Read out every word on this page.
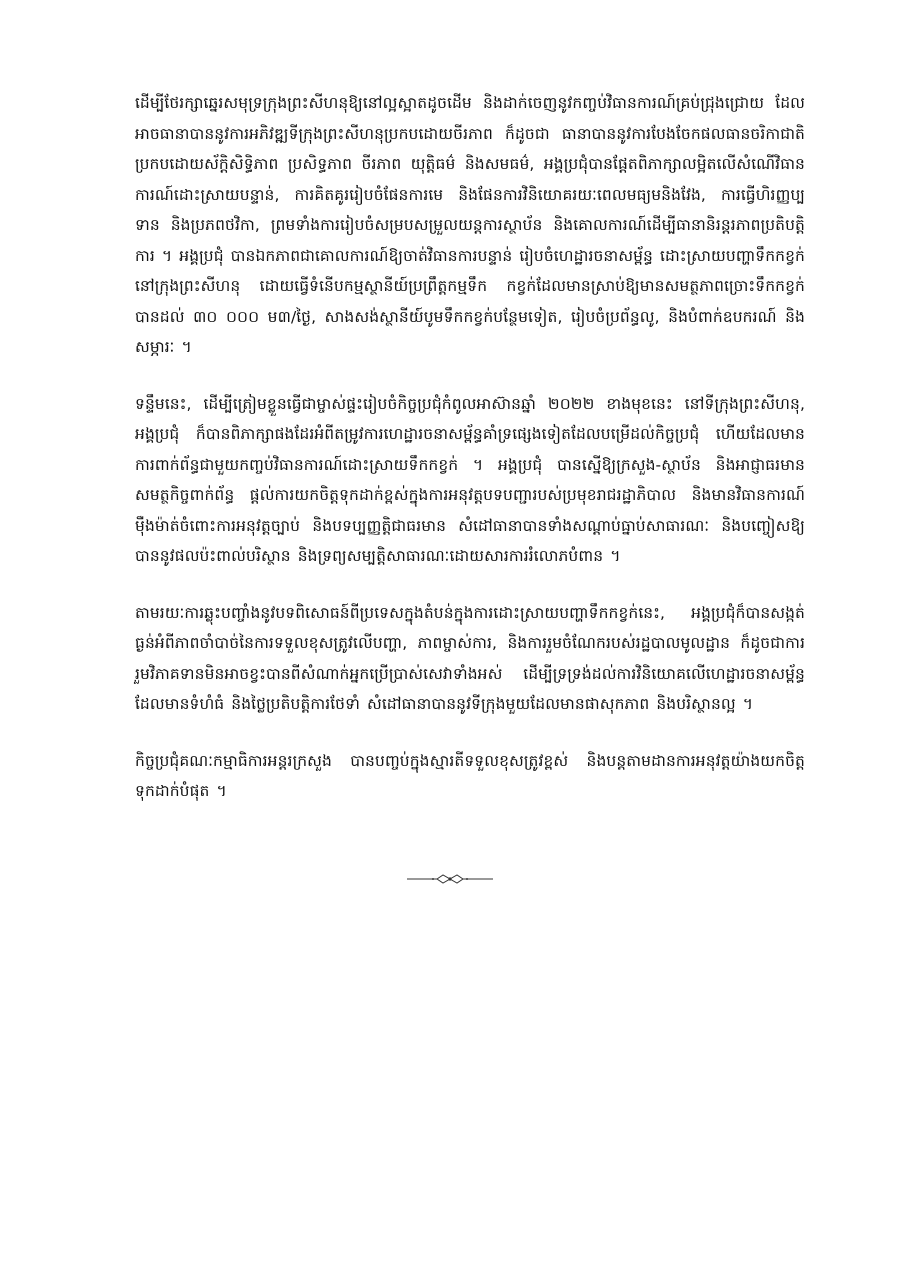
ដើម្បីថែរក្សាឆ្នេរសមុទ្រក្រុងព្រះសីហនុឱ្យនៅល្អស្អាតដូចដើម និងដាក់ចេញនូវកញ្ចប់វិធានការណ៍គ្រប់ជ្រុងជ្រោយ ដែលអាចធានាបាននូវការអភិវឌ្ឍទីក្រុងព្រះសីហនុប្រកបដោយចីរភាព ក៏ដូចជា ធានាបាននូវការបែងចែកផលធានចរិកាជាតិប្រកបដោយស័ក្តិសិទ្ធិភាព ប្រសិទ្ធភាព ចីរភាព យុត្តិធម៌ និងសមធម៌, អង្គប្រជុំបានផ្តែតពិភាក្សាលម្អិតលើសំណើវិធានការណ៍ដោះស្រាយបន្ទាន់, ការគិតគូររៀបចំផែនការមេ និងផែនការវិនិយោគរយៈពេលមធ្យមនិងវែង, ការធ្វើហិរញ្ញប្បទាន និងប្រភពថវិកា, ព្រមទាំងការរៀបចំសម្របសម្រួលយន្តការស្ថាប័ន និងគោលការណ៍ដើម្បីធានានិរន្តរភាពប្រតិបត្តិការ ។ អង្គប្រជុំ បានឯកភាពជាគោលការណ៍ឱ្យចាត់វិធានការបន្ទាន់ រៀបចំហេដ្ឋារចនាសម្ព័ន្ធ ដោះស្រាយបញ្ហាទឹកកខ្វក់នៅក្រុងព្រះសីហនុ ដោយធ្វើទំនើបកម្មស្ថានីយ៍ប្រព្រឹត្តកម្មទឹក កខ្វក់ដែលមានស្រាប់ឱ្យមានសមត្ថភាពច្រោះទឹកកខ្វក់ បានដល់ ៣០ ០០០ ម៣/ថ្ងៃ, សាងសង់ស្ថានីយ៍បូមទឹកកខ្វក់បន្ថែមទៀត, រៀបចំប្រព័ន្ធលូ, និងបំពាក់ឧបករណ៍ និងសម្ភារៈ ។

ទន្ទឹមនេះ, ដើម្បីត្រៀមខ្លួនធ្វើជាម្ចាស់ផ្ទះរៀបចំកិច្ចប្រជុំកំពូលអាស៊ានឆ្នាំ ២០២២ ខាងមុខនេះ នៅទីក្រុងព្រះសីហនុ, អង្គប្រជុំ ក៏បានពិភាក្សាផងដែរអំពីតម្រូវការហេដ្ឋារចនាសម្ព័ន្ធគាំទ្រផ្សេងទៀតដែលបម្រើដល់កិច្ចប្រជុំ ហើយដែលមានការពាក់ព័ន្ធជាមួយកញ្ចប់វិធានការណ៍ដោះស្រាយទឹកកខ្វក់ ។ អង្គប្រជុំ បានស្នើឱ្យក្រសួង-ស្ថាប័ន និងអាជ្ញាធរមានសមត្ថកិច្ចពាក់ព័ន្ធ ផ្តល់ការយកចិត្តទុកដាក់ខ្ពស់ក្នុងការអនុវត្តបទបញ្ជារបស់ប្រមុខរាជរដ្ឋាភិបាល និងមានវិធានការណ៍ម៉ឺងម៉ាត់ចំពោះការអនុវត្តច្បាប់ និងបទប្បញ្ញត្តិជាធរមាន សំដៅធានាបានទាំងសណ្តាប់ធ្នាប់សាធារណៈ និងបញ្ចៀសឱ្យបាននូវផលប៉ះពាល់បរិស្ថាន និងទ្រព្យសម្បត្តិសាធារណៈដោយសារការរំលោភបំពាន ។

តាមរយៈការឆ្លុះបញ្ចាំងនូវបទពិសោធន៍ពីប្រទេសក្នុងតំបន់ក្នុងការដោះស្រាយបញ្ហាទឹកកខ្វក់នេះ, អង្គប្រជុំក៏បានសង្កត់ធ្ងន់អំពីភាពចាំបាច់នៃការទទួលខុសត្រូវលើបញ្ហា, ភាពម្ចាស់ការ, និងការរួមចំណែករបស់រដ្ឋបាលមូលដ្ឋាន ក៏ដូចជាការរួមវិភាគទានមិនអាចខ្វះបានពីសំណាក់អ្នកប្រើប្រាស់សេវាទាំងអស់ ដើម្បីទ្រទ្រង់ដល់ការវិនិយោគលើហេដ្ឋារចនាសម្ព័ន្ធដែលមានទំហំធំ និងថ្លៃប្រតិបត្តិការថែទាំ សំដៅធានាបាននូវទីក្រុងមួយដែលមានផាសុកភាព និងបរិស្ថានល្អ ។

កិច្ចប្រជុំគណៈកម្មាធិការអន្តរក្រសួង បានបញ្ចប់ក្នុងស្មារតីទទួលខុសត្រូវខ្ពស់ និងបន្តតាមដានការអនុវត្តយ៉ាងយកចិត្តទុកដាក់បំផុត ។
